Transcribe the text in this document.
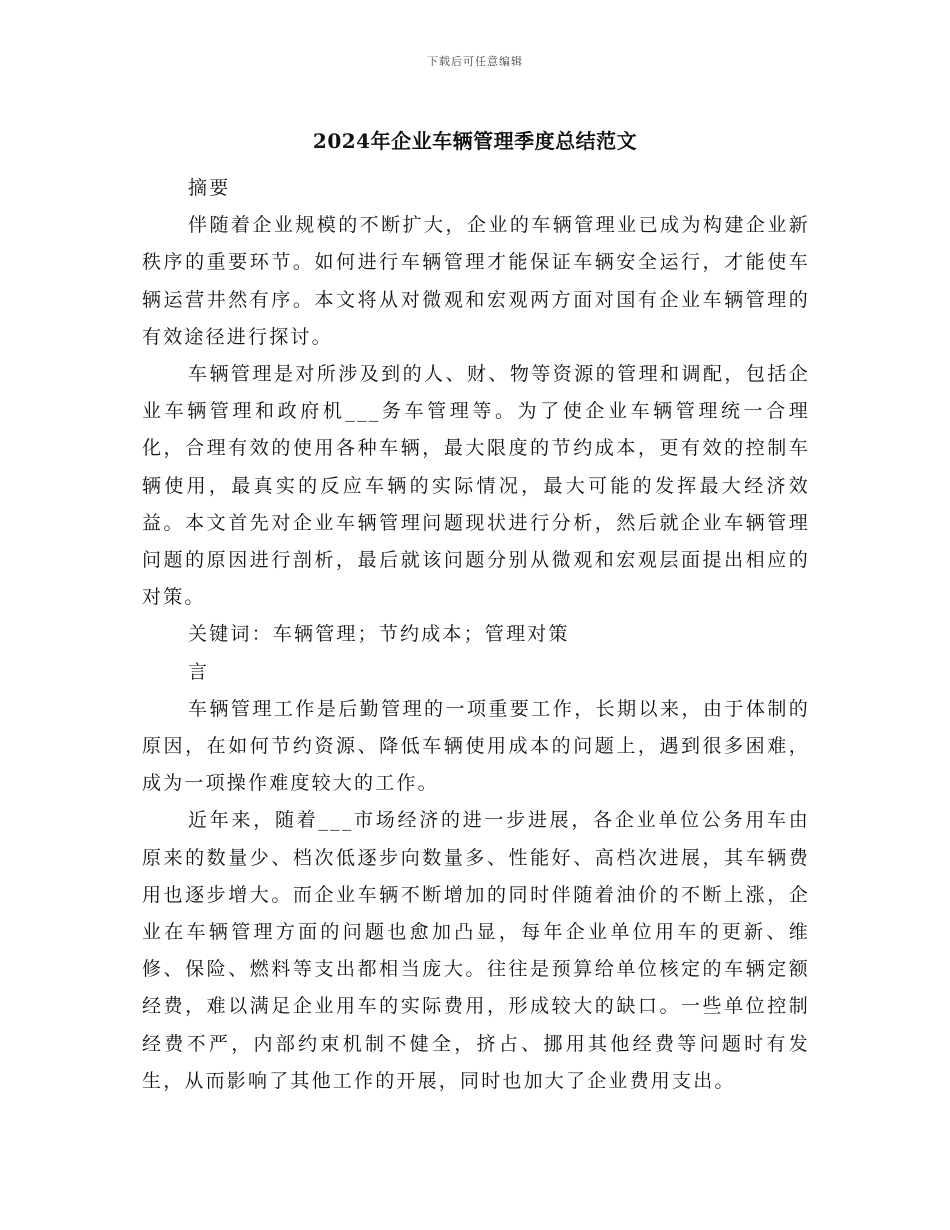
下载后可任意编辑
2024年企业车辆管理季度总结范文

摘要

伴随着企业规模的不断扩大，企业的车辆管理业已成为构建企业新秩序的重要环节。如何进行车辆管理才能保证车辆安全运行，才能使车辆运营井然有序。本文将从对微观和宏观两方面对国有企业车辆管理的有效途径进行探讨。

车辆管理是对所涉及到的人、财、物等资源的管理和调配，包括企业车辆管理和政府机___务车管理等。为了使企业车辆管理统一合理化，合理有效的使用各种车辆，最大限度的节约成本，更有效的控制车辆使用，最真实的反应车辆的实际情况，最大可能的发挥最大经济效益。本文首先对企业车辆管理问题现状进行分析，然后就企业车辆管理问题的原因进行剖析，最后就该问题分别从微观和宏观层面提出相应的对策。

关键词：车辆管理；节约成本；管理对策

言

车辆管理工作是后勤管理的一项重要工作，长期以来，由于体制的原因，在如何节约资源、降低车辆使用成本的问题上，遇到很多困难，成为一项操作难度较大的工作。

近年来，随着___市场经济的进一步进展，各企业单位公务用车由原来的数量少、档次低逐步向数量多、性能好、高档次进展，其车辆费用也逐步增大。而企业车辆不断增加的同时伴随着油价的不断上涨，企业在车辆管理方面的问题也愈加凸显，每年企业单位用车的更新、维修、保险、燃料等支出都相当庞大。往往是预算给单位核定的车辆定额经费，难以满足企业用车的实际费用，形成较大的缺口。一些单位控制经费不严，内部约束机制不健全，挤占、挪用其他经费等问题时有发生，从而影响了其他工作的开展，同时也加大了企业费用支出。
